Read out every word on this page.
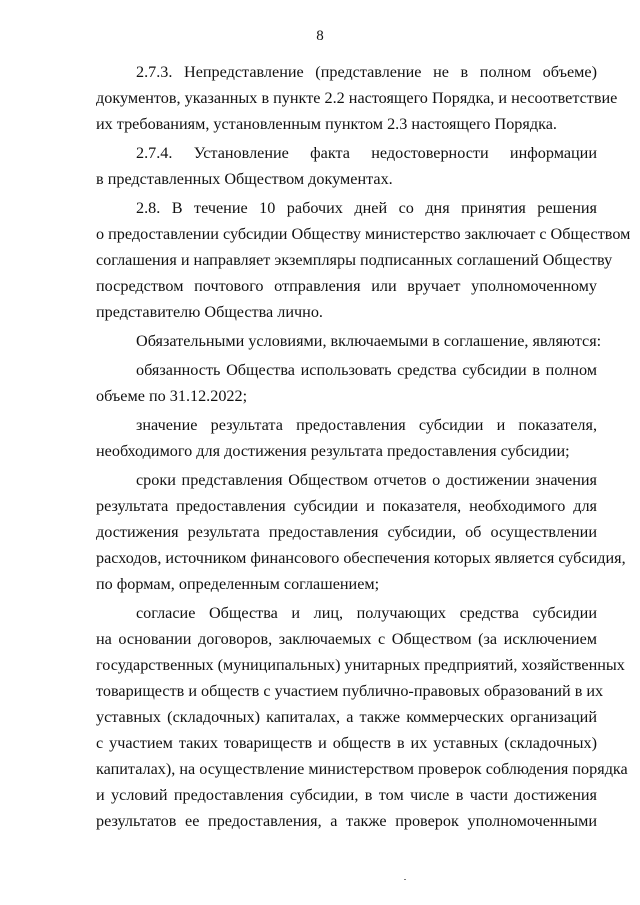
8
2.7.3. Непредставление (представление не в полном объеме)
документов, указанных в пункте 2.2 настоящего Порядка, и несоответствие
их требованиям, установленным пунктом 2.3 настоящего Порядка.
2.7.4. Установление факта недостоверности информации
в представленных Обществом документах.
2.8. В течение 10 рабочих дней со дня принятия решения
о предоставлении субсидии Обществу министерство заключает с Обществом
соглашения и направляет экземпляры подписанных соглашений Обществу
посредством почтового отправления или вручает уполномоченному
представителю Общества лично.
Обязательными условиями, включаемыми в соглашение, являются:
обязанность Общества использовать средства субсидии в полном
объеме по 31.12.2022;
значение результата предоставления субсидии и показателя,
необходимого для достижения результата предоставления субсидии;
сроки представления Обществом отчетов о достижении значения
результата предоставления субсидии и показателя, необходимого для
достижения результата предоставления субсидии, об осуществлении
расходов, источником финансового обеспечения которых является субсидия,
по формам, определенным соглашением;
согласие Общества и лиц, получающих средства субсидии
на основании договоров, заключаемых с Обществом (за исключением
государственных (муниципальных) унитарных предприятий, хозяйственных
товариществ и обществ с участием публично-правовых образований в их
уставных (складочных) капиталах, а также коммерческих организаций
с участием таких товариществ и обществ в их уставных (складочных)
капиталах), на осуществление министерством проверок соблюдения порядка
и условий предоставления субсидии, в том числе в части достижения
результатов ее предоставления, а также проверок уполномоченными
